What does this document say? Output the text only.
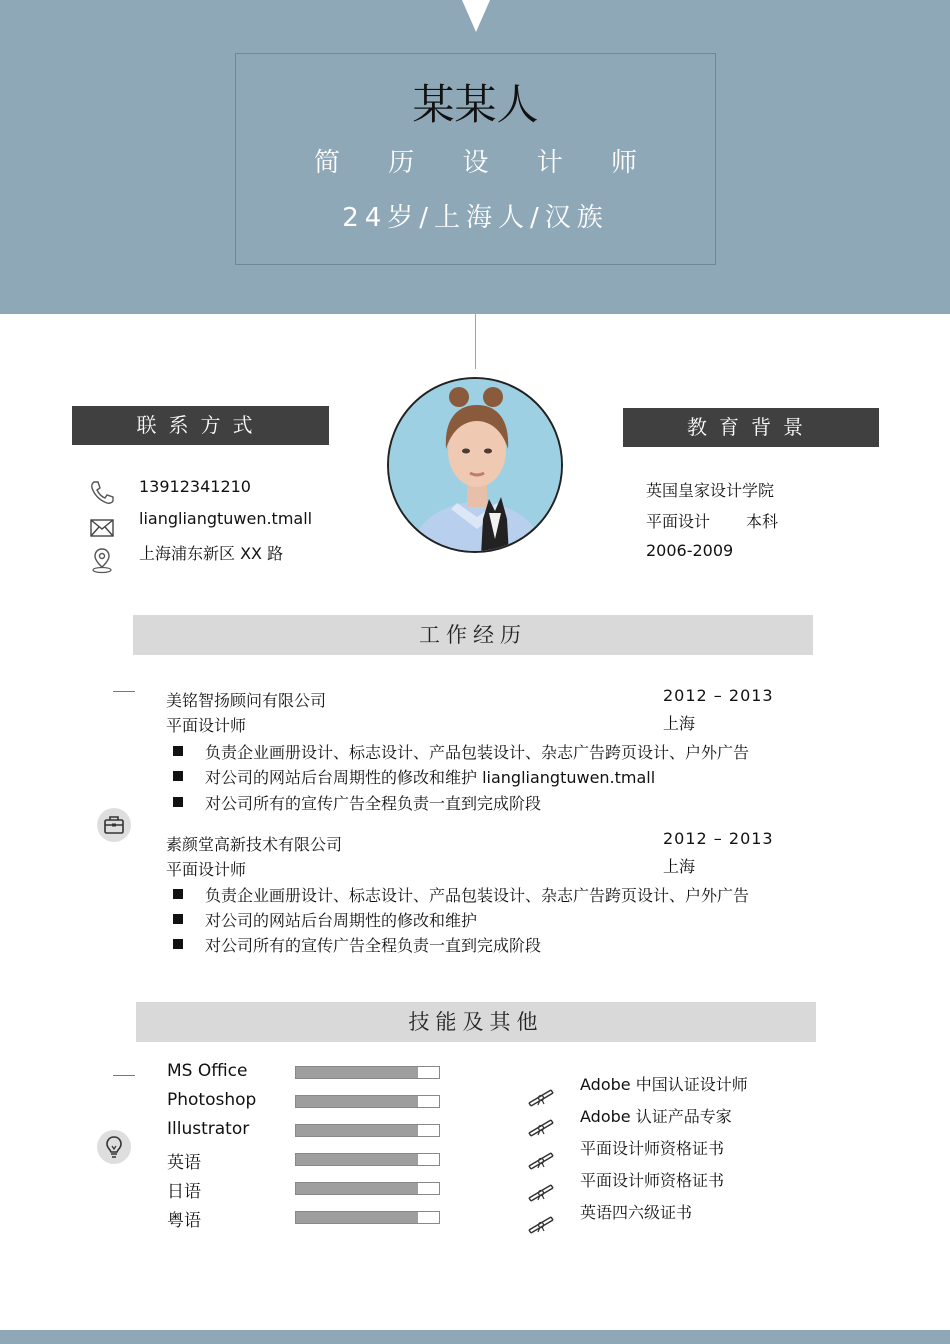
某某人
简 历 设 计 师
24岁/上海人/汉族
联系方式
13912341210
liangliangtuwen.tmall
上海浦东新区 XX 路
教育背景
英国皇家设计学院
平面设计 本科
2006-2009
工作经历
美铭智扬顾问有限公司
平面设计师
2012 – 2013
上海
负责企业画册设计、标志设计、产品包装设计、杂志广告跨页设计、户外广告
对公司的网站后台周期性的修改和维护 liangliangtuwen.tmall
对公司所有的宣传广告全程负责一直到完成阶段
素颜堂高新技术有限公司
平面设计师
2012 – 2013
上海
负责企业画册设计、标志设计、产品包装设计、杂志广告跨页设计、户外广告
对公司的网站后台周期性的修改和维护
对公司所有的宣传广告全程负责一直到完成阶段
技能及其他
MS Office
Photoshop
Illustrator
英语
日语
粤语
Adobe 中国认证设计师
Adobe 认证产品专家
平面设计师资格证书
平面设计师资格证书
英语四六级证书
